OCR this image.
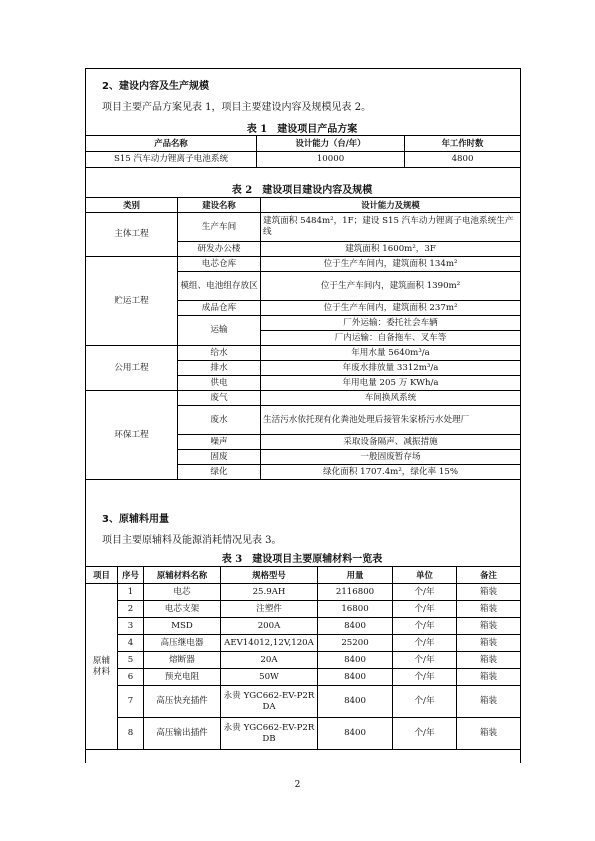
2、建设内容及生产规模
项目主要产品方案见表 1，项目主要建设内容及规模见表 2。
表 1　建设项目产品方案
产品名称	设计能力（台/年）	年工作时数
S15 汽车动力锂离子电池系统	10000	4800
表 2　建设项目建设内容及规模
类别	建设名称	设计能力及规模
主体工程	生产车间	建筑面积 5484m²，1F；建设 S15 汽车动力锂离子电池系统生产线
	研发办公楼	建筑面积 1600m²，3F
贮运工程	电芯仓库	位于生产车间内，建筑面积 134m²
	模组、电池组存放区	位于生产车间内，建筑面积 1390m²
	成品仓库	位于生产车间内，建筑面积 237m²
	运输	厂外运输：委托社会车辆
		厂内运输：自备拖车、叉车等
公用工程	给水	年用水量 5640m³/a
	排水	年废水排放量 3312m³/a
	供电	年用电量 205 万 KWh/a
环保工程	废气	车间换风系统
	废水	生活污水依托现有化粪池处理后接管朱家桥污水处理厂
	噪声	采取设备隔声、减振措施
	固废	一般固废暂存场
	绿化	绿化面积 1707.4m²，绿化率 15%
3、原辅料用量
项目主要原辅料及能源消耗情况见表 3。
表 3　建设项目主要原辅材料一览表
项目	序号	原辅材料名称	规格型号	用量	单位	备注
原辅材料	1	电芯	25.9AH	2116800	个/年	箱装
	2	电芯支架	注塑件	16800	个/年	箱装
	3	MSD	200A	8400	个/年	箱装
	4	高压继电器	AEV14012,12V,120A	25200	个/年	箱装
	5	熔断器	20A	8400	个/年	箱装
	6	预充电阻	50W	8400	个/年	箱装
	7	高压快充插件	永贵 YGC662-EV-P2RDA	8400	个/年	箱装
	8	高压输出插件	永贵 YGC662-EV-P2RDB	8400	个/年	箱装
2
